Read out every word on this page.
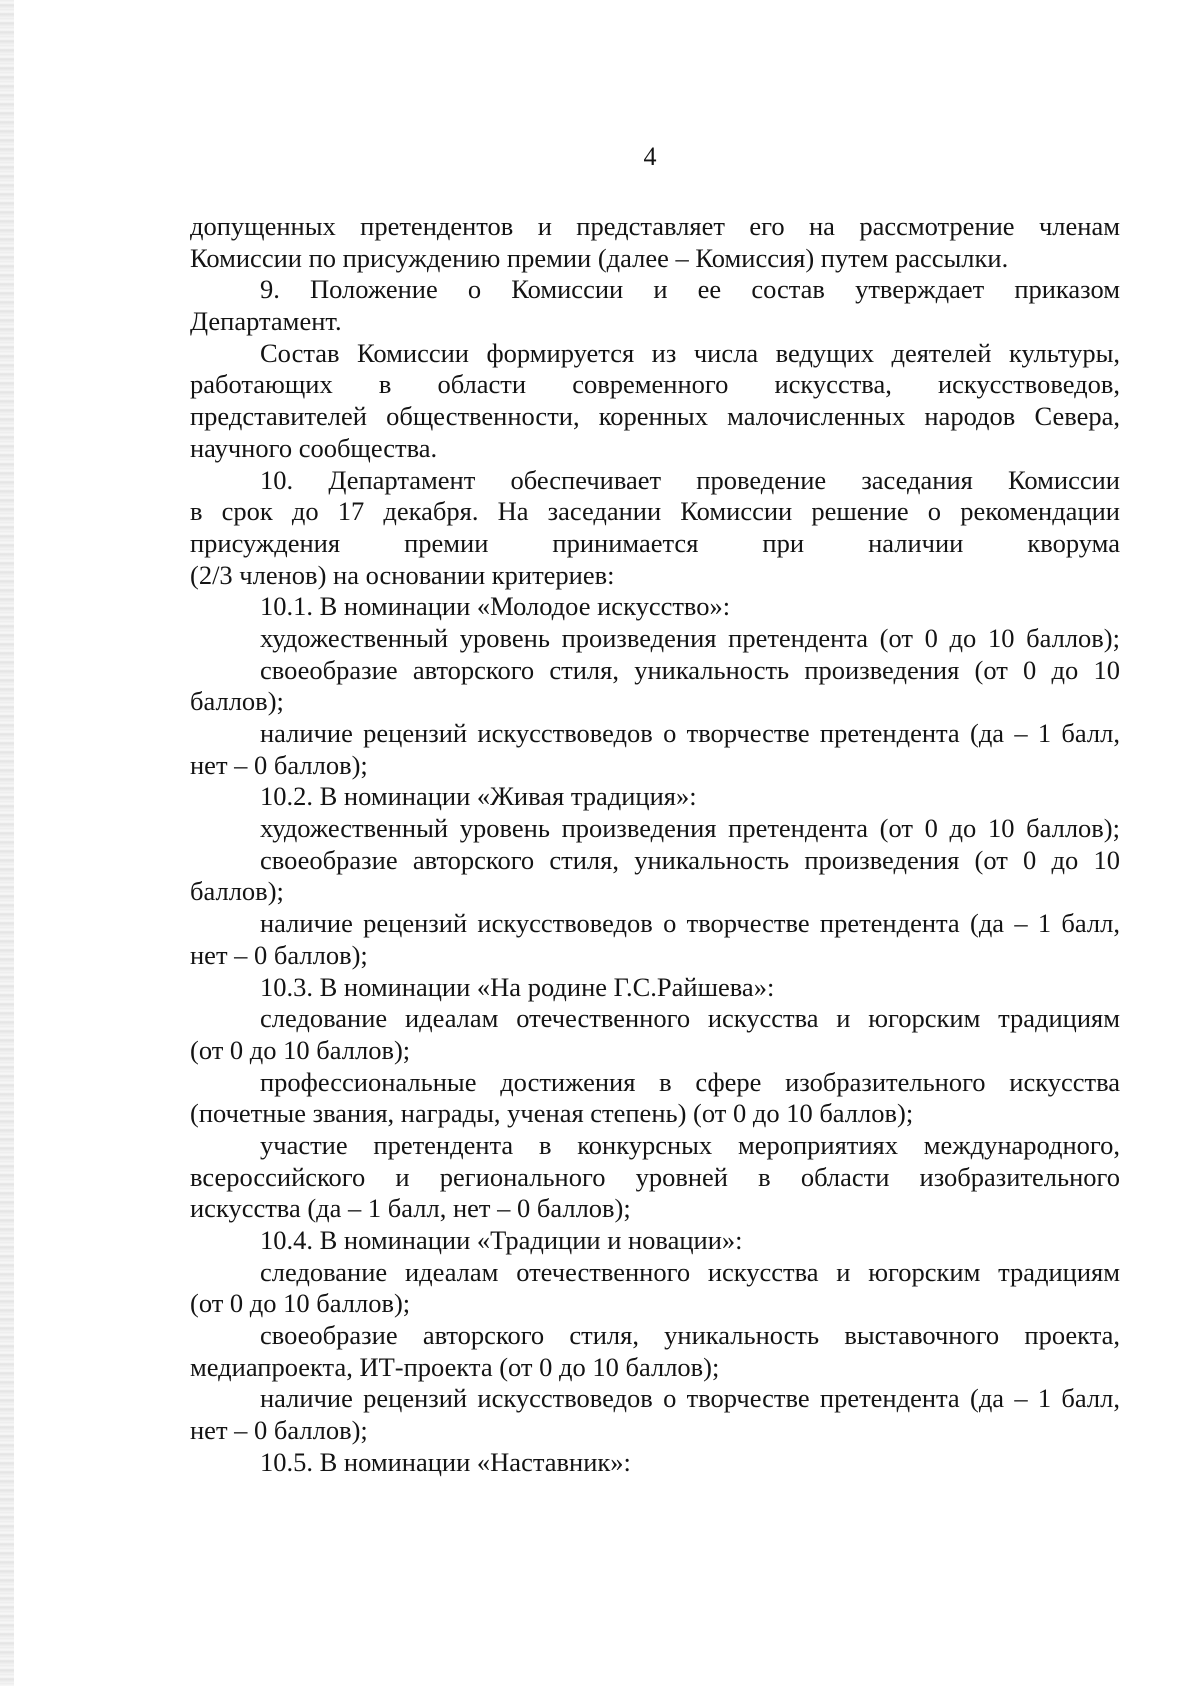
4
допущенных претендентов и представляет его на рассмотрение членам
Комиссии по присуждению премии (далее – Комиссия) путем рассылки.
9. Положение о Комиссии и ее состав утверждает приказом
Департамент.
Состав Комиссии формируется из числа ведущих деятелей культуры,
работающих в области современного искусства, искусствоведов,
представителей общественности, коренных малочисленных народов Севера,
научного сообщества.
10. Департамент обеспечивает проведение заседания Комиссии
в срок до 17 декабря. На заседании Комиссии решение о рекомендации
присуждения премии принимается при наличии кворума
(2/3 членов) на основании критериев:
10.1. В номинации «Молодое искусство»:
художественный уровень произведения претендента (от 0 до 10 баллов);
своеобразие авторского стиля, уникальность произведения (от 0 до 10
баллов);
наличие рецензий искусствоведов о творчестве претендента (да – 1 балл,
нет – 0 баллов);
10.2. В номинации «Живая традиция»:
художественный уровень произведения претендента (от 0 до 10 баллов);
своеобразие авторского стиля, уникальность произведения (от 0 до 10
баллов);
наличие рецензий искусствоведов о творчестве претендента (да – 1 балл,
нет – 0 баллов);
10.3. В номинации «На родине Г.С.Райшева»:
следование идеалам отечественного искусства и югорским традициям
(от 0 до 10 баллов);
профессиональные достижения в сфере изобразительного искусства
(почетные звания, награды, ученая степень) (от 0 до 10 баллов);
участие претендента в конкурсных мероприятиях международного,
всероссийского и регионального уровней в области изобразительного
искусства (да – 1 балл, нет – 0 баллов);
10.4. В номинации «Традиции и новации»:
следование идеалам отечественного искусства и югорским традициям
(от 0 до 10 баллов);
своеобразие авторского стиля, уникальность выставочного проекта,
медиапроекта, ИТ-проекта (от 0 до 10 баллов);
наличие рецензий искусствоведов о творчестве претендента (да – 1 балл,
нет – 0 баллов);
10.5. В номинации «Наставник»:
